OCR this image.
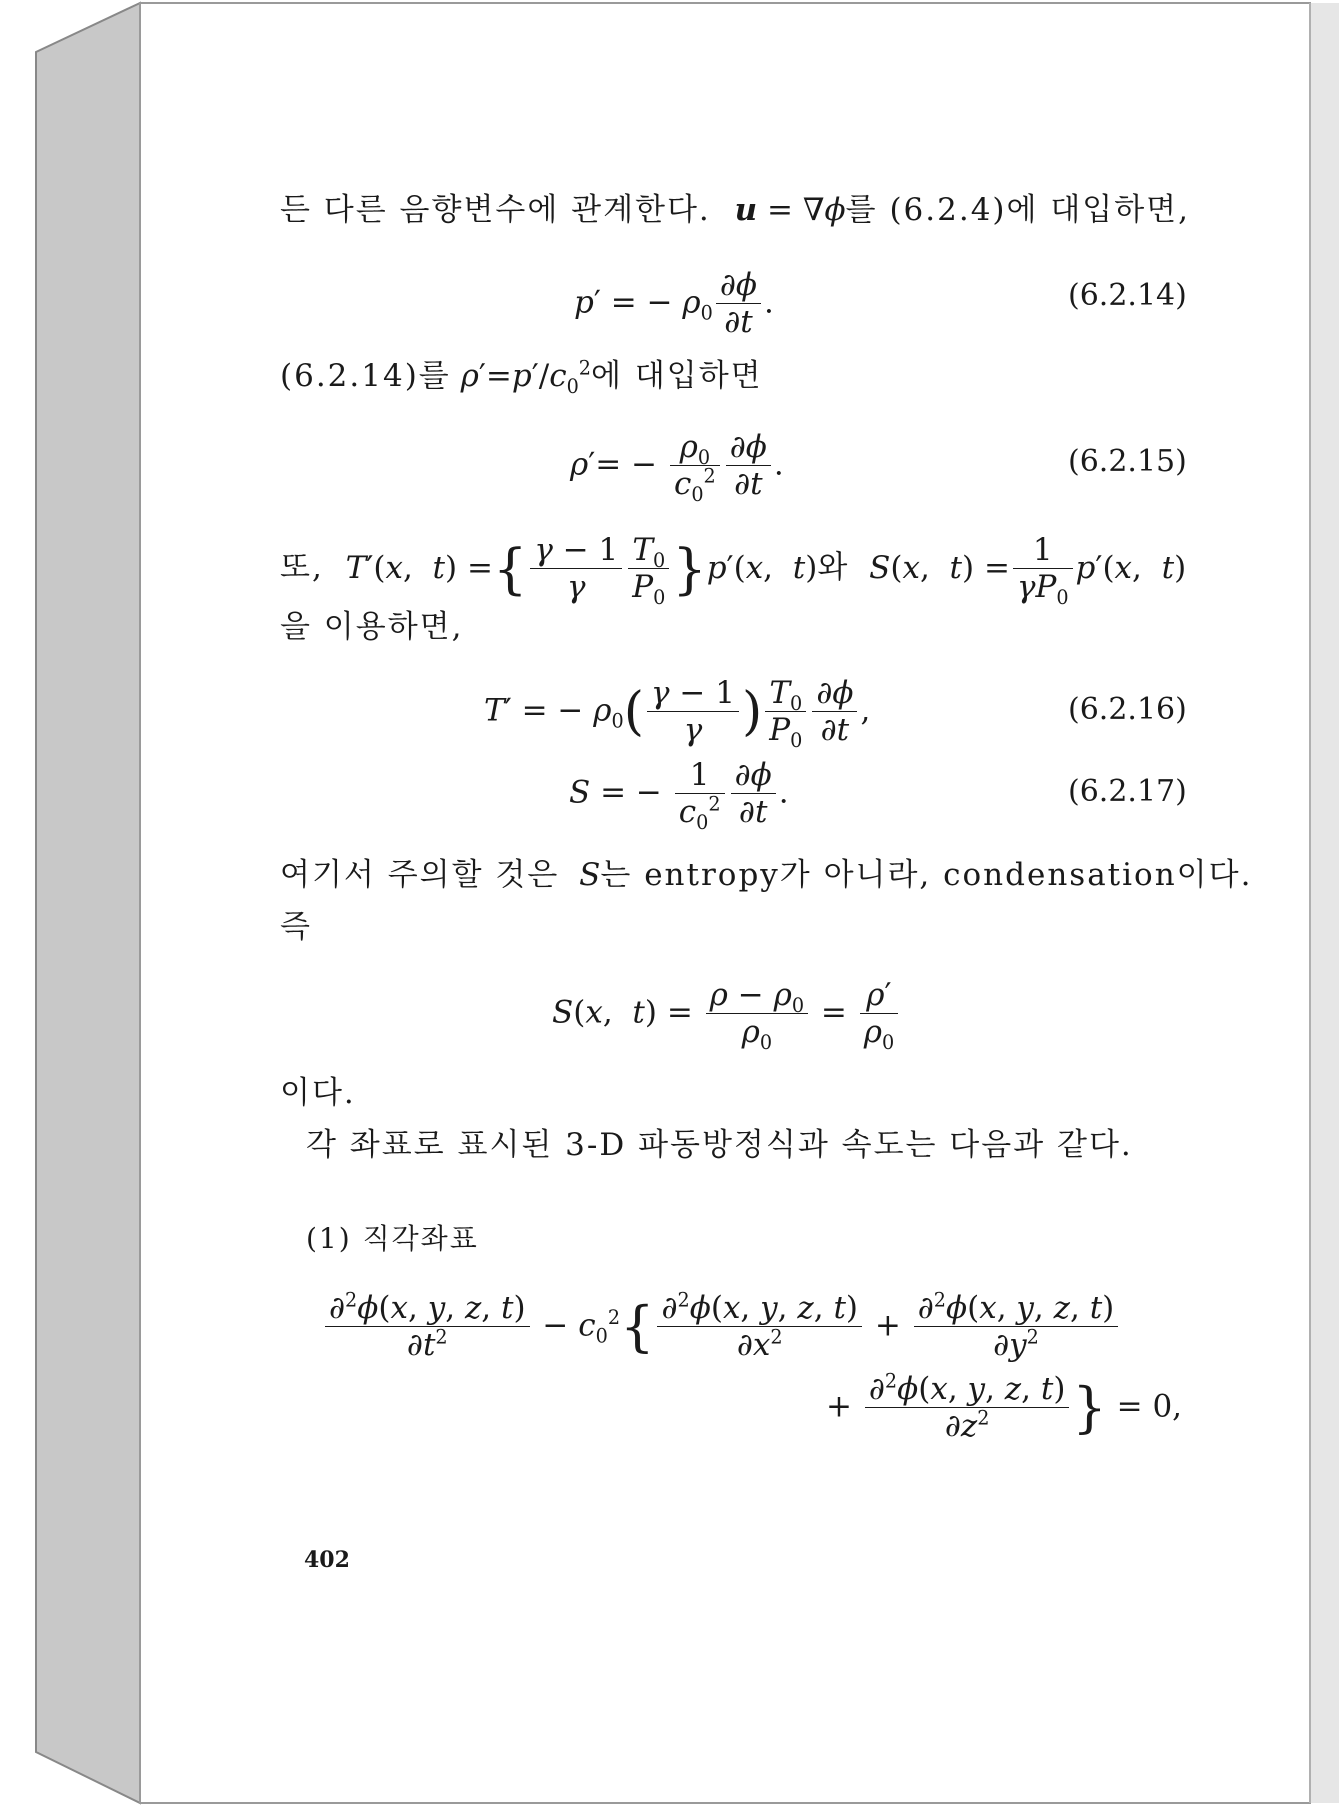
든 다른 음향변수에 관계한다. u = ∇ϕ를 (6.2.4)에 대입하면,
p′ = − $\rho_0 \frac{\partial\phi}{\partial t}$ .	(6.2.14)
(6.2.14)를 $\rho'=p'/c_0^2$에 대입하면
$\rho'= - \frac{\rho_0}{c_0^2} \frac{\partial\phi}{\partial t}$ .	(6.2.15)
또, T′(x,  t) ={ $\frac{\gamma - 1}{\gamma} \frac{T_0}{P_0} \}p'(x$,  t)와 S(x,  $t) = \frac{1}{\gamma P_0} p'(x$,  t)
을 이용하면,
T′ = − $\rho_0( \frac{\gamma - 1}{\gamma}$ ) $\frac{T_0}{P_0} \frac{\partial\phi}{\partial t}$ ,	(6.2.16)
S = − $\frac{1}{c_0^2} \frac{\partial\phi}{\partial t}$ .	(6.2.17)
여기서 주의할 것은 S는 entropy가 아니라, condensation이다.
즉
S(x,  $t) = \frac{\rho - \rho_0}{\rho_0} = \frac{\rho'}{\rho_0}$
이다.
각 좌표로 표시된 3-D 파동방정식과 속도는 다음과 같다.
(1) 직각좌표
$\frac{\partial^2\phi(x, y, z, t)}{\partial t^2} - c_0^2\{ \frac{\partial^2\phi(x, y, z, t)}{\partial x^2} + \frac{\partial^2\phi(x, y, z, t)}{\partial y^2}$
+ $\frac{\partial^2\phi(x, y, z, t)}{\partial z^2}$ } = 0,
402
